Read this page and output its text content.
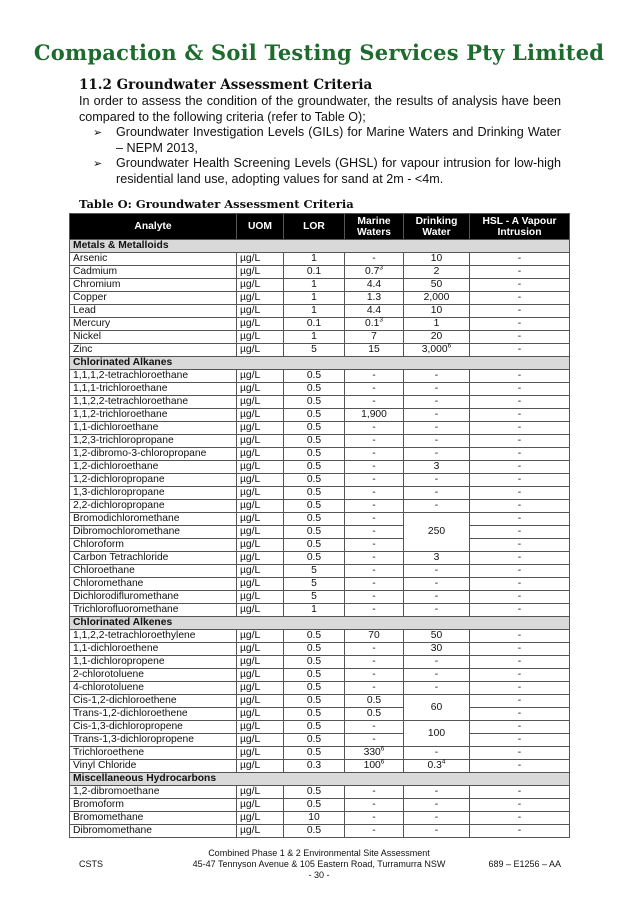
Compaction & Soil Testing Services Pty Limited
11.2 Groundwater Assessment Criteria
In order to assess the condition of the groundwater, the results of analysis have been compared to the following criteria (refer to Table O);
➢ Groundwater Investigation Levels (GILs) for Marine Waters and Drinking Water – NEPM 2013,
➢ Groundwater Health Screening Levels (GHSL) for vapour intrusion for low-high residential land use, adopting values for sand at 2m - <4m.
Table O: Groundwater Assessment Criteria
Analyte	UOM	LOR	Marine Waters	Drinking Water	HSL - A Vapour Intrusion
Metals & Metalloids					
Arsenic	µg/L	1	-	10	-
Cadmium	µg/L	0.1	$0.7^3$	2	-
Chromium	µg/L	1	4.4	50	-
Copper	µg/L	1	1.3	2,000	-
Lead	µg/L	1	4.4	10	-
Mercury	µg/L	0.1	$0.1^3$	1	-
Nickel	µg/L	1	7	20	-
Zinc	µg/L	5	15	3,000$^6$	-
Chlorinated Alkanes					
1,1,1,2-tetrachloroethane	µg/L	0.5	-	-	-
1,1,1-trichloroethane	µg/L	0.5	-	-	-
1,1,2,2-tetrachloroethane	µg/L	0.5	-	-	-
1,1,2-trichloroethane	µg/L	0.5	1,900	-	-
1,1-dichloroethane	µg/L	0.5	-	-	-
1,2,3-trichloropropane	µg/L	0.5	-	-	-
1,2-dibromo-3-chloropropane	µg/L	0.5	-	-	-
1,2-dichloroethane	µg/L	0.5	-	3	-
1,2-dichloropropane	µg/L	0.5	-	-	-
1,3-dichloropropane	µg/L	0.5	-	-	-
2,2-dichloropropane	µg/L	0.5	-	-	-
Bromodichloromethane	µg/L	0.5	-	250	-
Dibromochloromethane	µg/L	0.5	-		-
Chloroform	µg/L	0.5	-		-
Carbon Tetrachloride	µg/L	0.5	-	3	-
Chloroethane	µg/L	5	-	-	-
Chloromethane	µg/L	5	-	-	-
Dichlorodifluromethane	µg/L	5	-	-	-
Trichlorofluoromethane	µg/L	1	-	-	-
Chlorinated Alkenes					
1,1,2,2-tetrachloroethylene	µg/L	0.5	70	50	-
1,1-dichloroethene	µg/L	0.5	-	30	-
1,1-dichloropropene	µg/L	0.5	-	-	-
2-chlorotoluene	µg/L	0.5	-	-	-
4-chlorotoluene	µg/L	0.5	-	-	-
Cis-1,2-dichloroethene	µg/L	0.5	0.5	60	-
Trans-1,2-dichloroethene	µg/L	0.5	0.5		-
Cis-1,3-dichloropropene	µg/L	0.5	-	100	-
Trans-1,3-dichloropropene	µg/L	0.5	-		-
Trichloroethene	µg/L	0.5	$330^6$	-	-
Vinyl Chloride	µg/L	0.3	$100^6$	$0.3^4$	-
Miscellaneous Hydrocarbons					
1,2-dibromoethane	µg/L	0.5	-	-	-
Bromoform	µg/L	0.5	-	-	-
Bromomethane	µg/L	10	-	-	-
Dibromomethane	µg/L	0.5	-	-	-
Combined Phase 1 & 2 Environmental Site Assessment
CSTS	45-47 Tennyson Avenue & 105 Eastern Road, Turramurra NSW	689 – E1256 – AA
- 30 -
